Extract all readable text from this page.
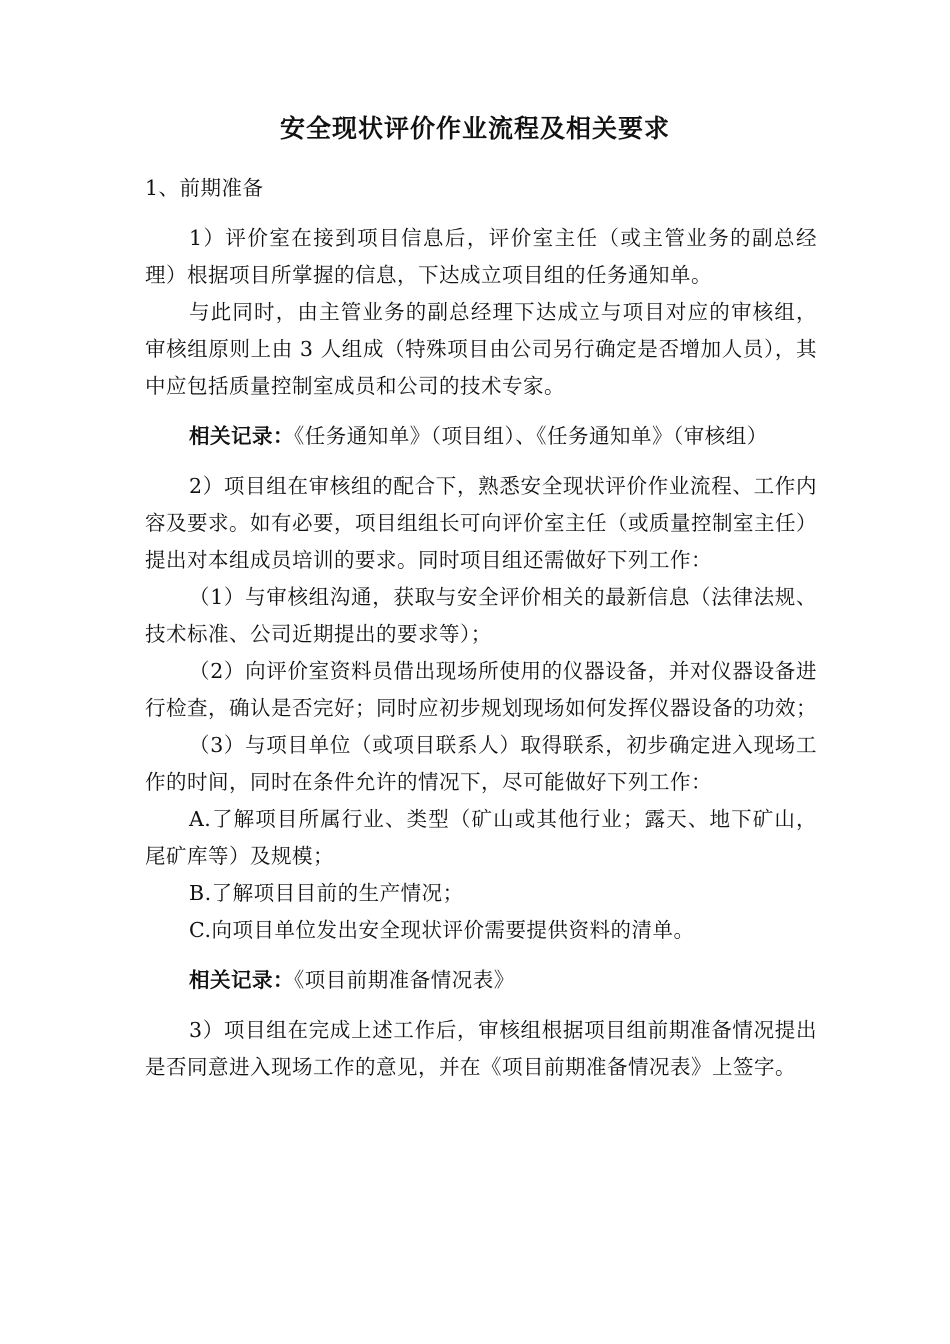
安全现状评价作业流程及相关要求

1、前期准备

1）评价室在接到项目信息后，评价室主任（或主管业务的副总经理）根据项目所掌握的信息，下达成立项目组的任务通知单。

与此同时，由主管业务的副总经理下达成立与项目对应的审核组，审核组原则上由 3 人组成（特殊项目由公司另行确定是否增加人员），其中应包括质量控制室成员和公司的技术专家。

相关记录：《任务通知单》（项目组）、《任务通知单》（审核组）

2）项目组在审核组的配合下，熟悉安全现状评价作业流程、工作内容及要求。如有必要，项目组组长可向评价室主任（或质量控制室主任）提出对本组成员培训的要求。同时项目组还需做好下列工作：

（1）与审核组沟通，获取与安全评价相关的最新信息（法律法规、技术标准、公司近期提出的要求等）；

（2）向评价室资料员借出现场所使用的仪器设备，并对仪器设备进行检查，确认是否完好；同时应初步规划现场如何发挥仪器设备的功效；

（3）与项目单位（或项目联系人）取得联系，初步确定进入现场工作的时间，同时在条件允许的情况下，尽可能做好下列工作：

A.了解项目所属行业、类型（矿山或其他行业；露天、地下矿山，尾矿库等）及规模；

B.了解项目目前的生产情况；

C.向项目单位发出安全现状评价需要提供资料的清单。

相关记录：《项目前期准备情况表》

3）项目组在完成上述工作后，审核组根据项目组前期准备情况提出是否同意进入现场工作的意见，并在《项目前期准备情况表》上签字。
